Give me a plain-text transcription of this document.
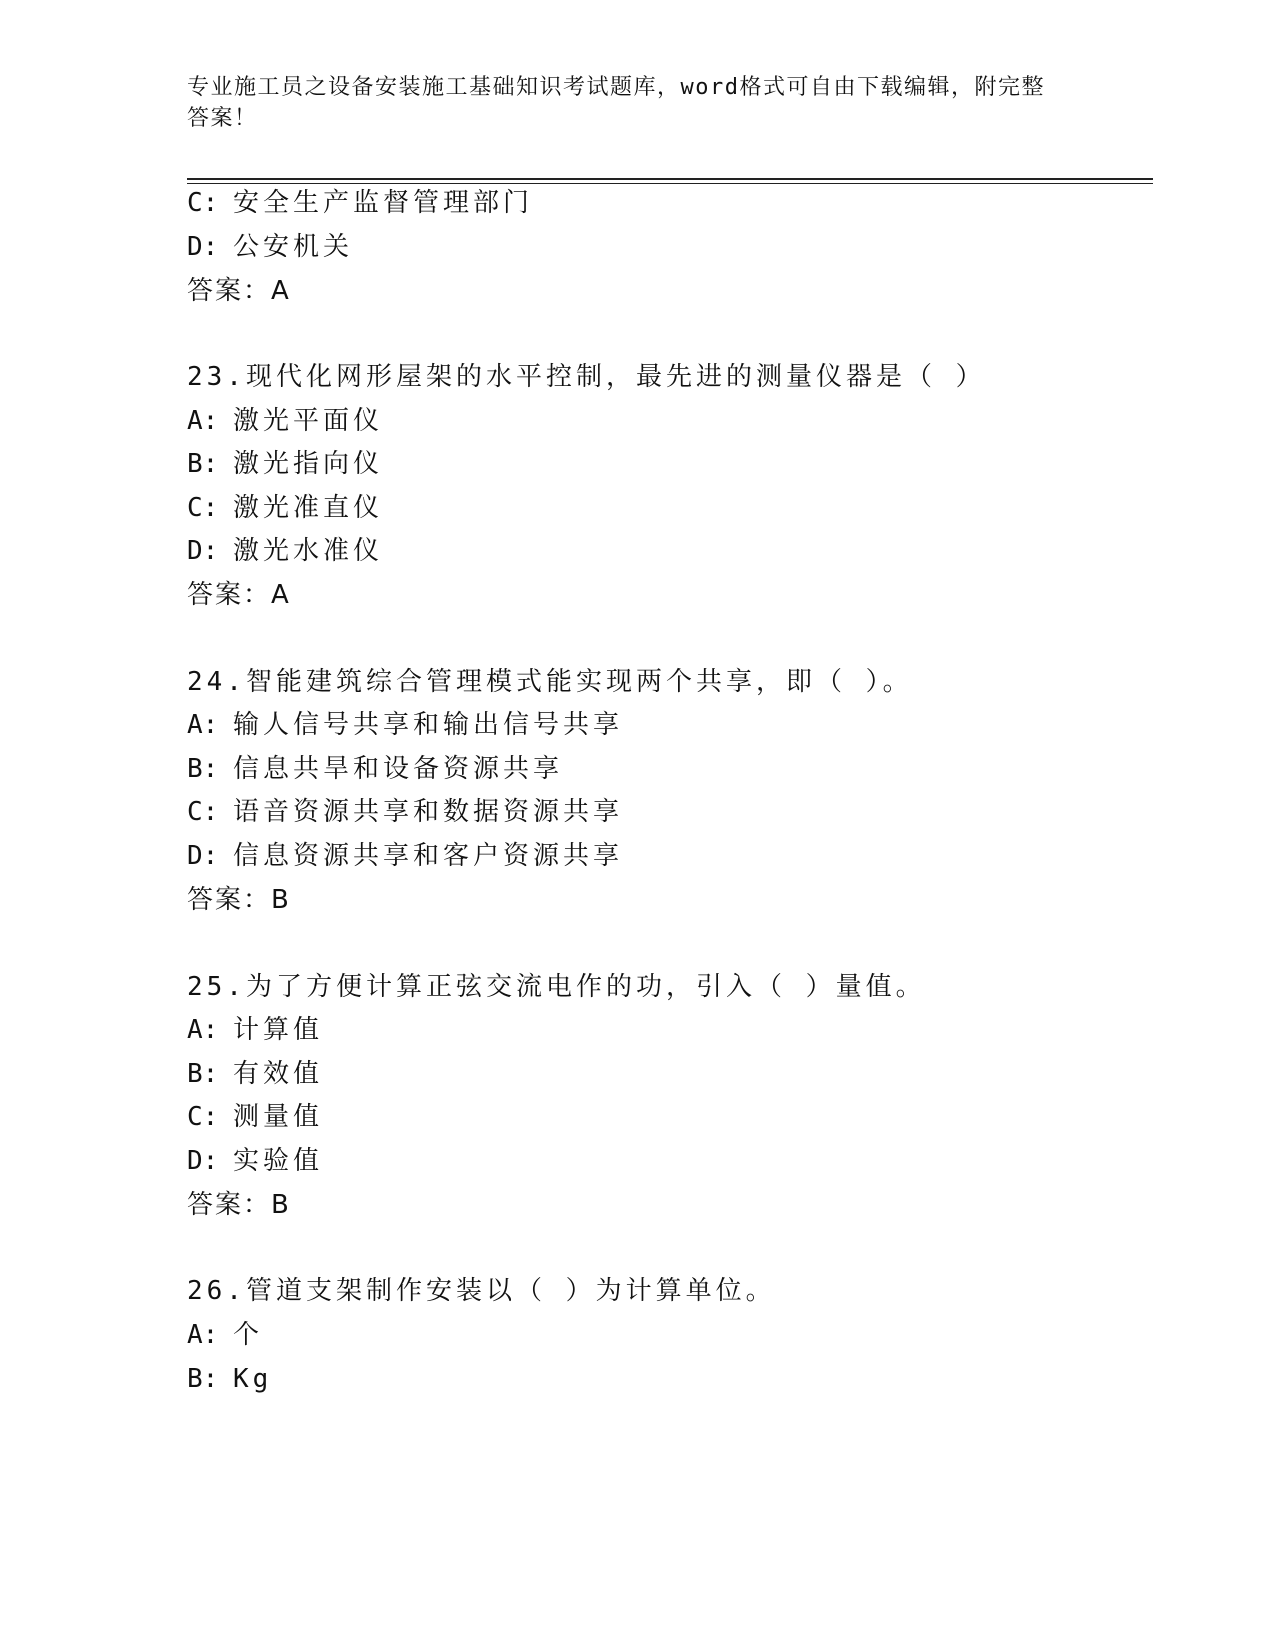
专业施工员之设备安装施工基础知识考试题库，word格式可自由下载编辑，附完整答案！
C: 安全生产监督管理部门
D: 公安机关
答案：A
23.现代化网形屋架的水平控制，最先进的测量仪器是（ ）
A: 激光平面仪
B: 激光指向仪
C: 激光准直仪
D: 激光水准仪
答案：A
24.智能建筑综合管理模式能实现两个共享，即（ ）。
A: 输人信号共享和输出信号共享
B: 信息共旱和设备资源共享
C: 语音资源共享和数据资源共享
D: 信息资源共享和客户资源共享
答案：B
25.为了方便计算正弦交流电作的功，引入（ ）量值。
A: 计算值
B: 有效值
C: 测量值
D: 实验值
答案：B
26.管道支架制作安装以（ ）为计算单位。
A: 个
B: Kg
